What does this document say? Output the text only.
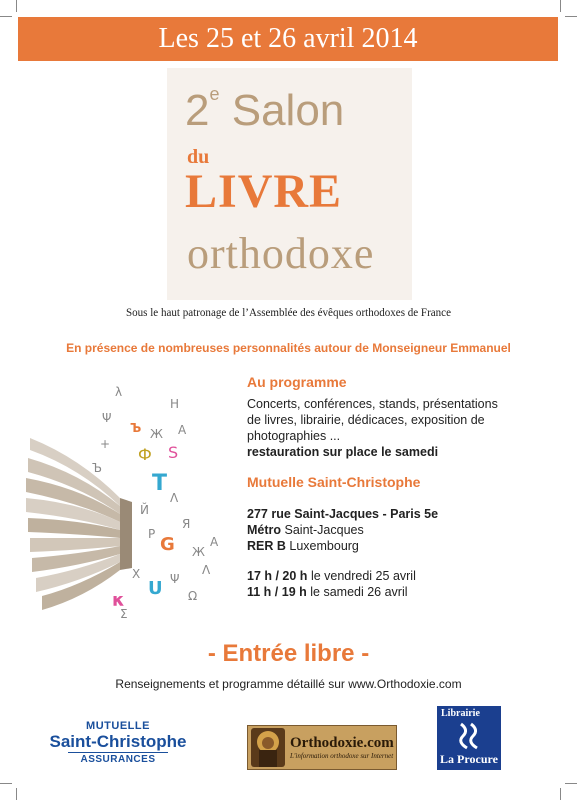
Les 25 et 26 avril 2014
2e Salon
du
LIVRE
orthodoxe
Sous le haut patronage de l’Assemblée des évêques orthodoxes de France
En présence de nombreuses personnalités autour de Monseigneur Emmanuel
λ
H
Ψ
Ъ Ж A
Ф S
T
Λ
Й
Я
Ж
P G
X
κ
U Ψ
Ω
A
Λ
Σ
+
Ъ
Au programme
Concerts, conférences, stands, présentations
de livres, librairie, dédicaces, exposition de
photographies ...
restauration sur place le samedi
Mutuelle Saint-Christophe
277 rue Saint-Jacques - Paris 5e
Métro Saint-Jacques
RER B Luxembourg
17 h / 20 h le vendredi 25 avril
11 h / 19 h le samedi 26 avril
- Entrée libre -
Renseignements et programme détaillé sur www.Orthodoxie.com
MUTUELLE
Saint-Christophe
ASSURANCES
Orthodoxie.com
L'information orthodoxe sur Internet
Librairie
La Procure
